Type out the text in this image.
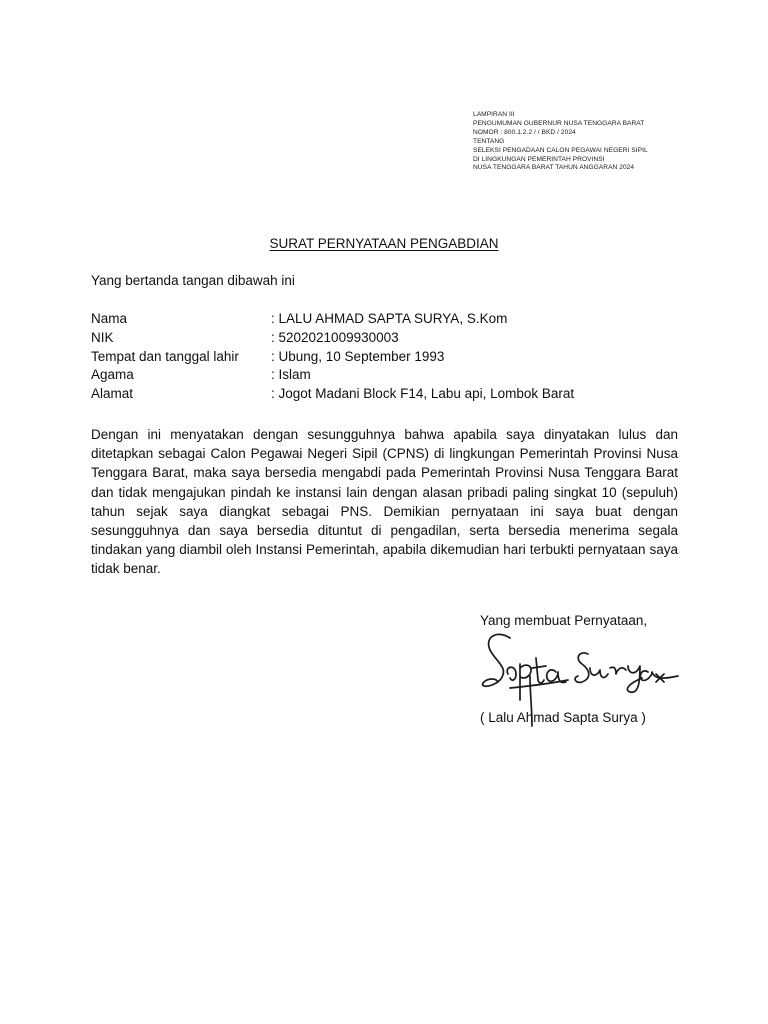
LAMPIRAN III
PENGUMUMAN GUBERNUR NUSA TENGGARA BARAT
NOMOR : 800.1.2.2 / / BKD / 2024
TENTANG
SELEKSI PENGADAAN CALON PEGAWAI NEGERI SIPIL
DI LINGKUNGAN PEMERINTAH PROVINSI
NUSA TENGGARA BARAT TAHUN ANGGARAN 2024
SURAT PERNYATAAN PENGABDIAN
Yang bertanda tangan dibawah ini
Nama	: LALU AHMAD SAPTA SURYA, S.Kom
NIK	: 5202021009930003
Tempat dan tanggal lahir : Ubung, 10 September 1993
Agama	: Islam
Alamat	: Jogot Madani Block F14, Labu api, Lombok Barat
Dengan ini menyatakan dengan sesungguhnya bahwa apabila saya dinyatakan lulus dan ditetapkan sebagai Calon Pegawai Negeri Sipil (CPNS) di lingkungan Pemerintah Provinsi Nusa Tenggara Barat, maka saya bersedia mengabdi pada Pemerintah Provinsi Nusa Tenggara Barat dan tidak mengajukan pindah ke instansi lain dengan alasan pribadi paling singkat 10 (sepuluh) tahun sejak saya diangkat sebagai PNS. Demikian pernyataan ini saya buat dengan sesungguhnya dan saya bersedia dituntut di pengadilan, serta bersedia menerima segala tindakan yang diambil oleh Instansi Pemerintah, apabila dikemudian hari terbukti pernyataan saya tidak benar.
Yang membuat Pernyataan,
( Lalu Ahmad Sapta Surya )
